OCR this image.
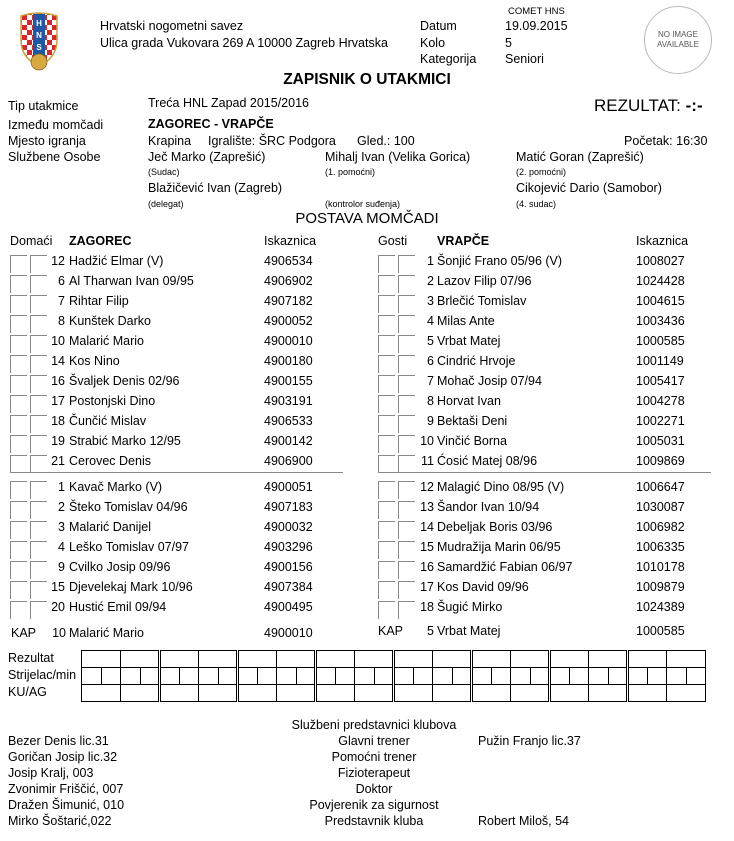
H
N
S
Hrvatski nogometni savez
Ulica grada Vukovara 269 A 10000 Zagreb Hrvatska
COMET HNS
Datum	19.09.2015
Kolo	5
Kategorija Seniori
NO IMAGE AVAILABLE
ZAPISNIK O UTAKMICI
Tip utakmice	Treća HNL Zapad 2015/2016	REZULTAT: -:-
Između momčadi	ZAGOREC - VRAPČE
Mjesto igranja	Krapina Igralište: ŠRC Podgora Gled.: 100	Početak: 16:30
Službene Osobe	Ječ Marko (Zaprešić)
(Sudac)
Mihalj Ivan (Velika Gorica)
(1. pomoćni)
Matić Goran (Zaprešić)
(2. pomoćni)
Blažičević Ivan (Zagreb)
(delegat)	(kontrolor suđenja)
Cikojević Dario (Samobor)
(4. sudac)
POSTAVA MOMČADI
Domaći ZAGOREC	Iskaznica	Gosti VRAPČE	Iskaznica
12 Hadžić Elmar (V)	4906534
6 Al Tharwan Ivan 09/95	4906902
7 Rihtar Filip	4907182
8 Kunštek Darko	4900052
10 Malarić Mario	4900010
14 Kos Nino	4900180
16 Švaljek Denis 02/96	4900155
17 Postonjski Dino	4903191
18 Čunčić Mislav	4906533
19 Strabić Marko 12/95	4900142
21 Cerovec Denis	4906900
1 Kavač Marko (V)	4900051
2 Šteko Tomislav 04/96	4907183
3 Malarić Danijel	4900032
4 Leško Tomislav 07/97	4903296
9 Cvilko Josip 09/96	4900156
15 Djevelekaj Mark 10/96	4907384
20 Hustić Emil 09/94	4900495
1 Šonjić Frano 05/96 (V)	1008027
2 Lazov Filip 07/96	1024428
3 Brlečić Tomislav	1004615
4 Milas Ante	1003436
5 Vrbat Matej	1000585
6 Cindrić Hrvoje	1001149
7 Mohač Josip 07/94	1005417
8 Horvat Ivan	1004278
9 Bektaši Deni	1002271
10 Vinčić Borna	1005031
11 Ćosić Matej 08/96	1009869
12 Malagić Dino 08/95 (V)	1006647
13 Šandor Ivan 10/94	1030087
14 Debeljak Boris 03/96	1006982
15 Mudražija Marin 06/95	1006335
16 Samardžić Fabian 06/97	1010178
17 Kos David 09/96	1009879
18 Šugić Mirko	1024389
KAP	10 Malarić Mario	4900010	KAP	5 Vrbat Matej	1000585
Rezultat
Strijelac/min
KU/AG

Službeni predstavnici klubova
Bezer Denis lic.31	Glavni trener	Pužin Franjo lic.37
Goričan Josip lic.32	Pomoćni trener
Josip Kralj, 003	Fizioterapeut
Zvonimir Friščić, 007	Doktor
Dražen Šimunić, 010	Povjerenik za sigurnost
Mirko Šoštarić,022	Predstavnik kluba	Robert Miloš, 54
